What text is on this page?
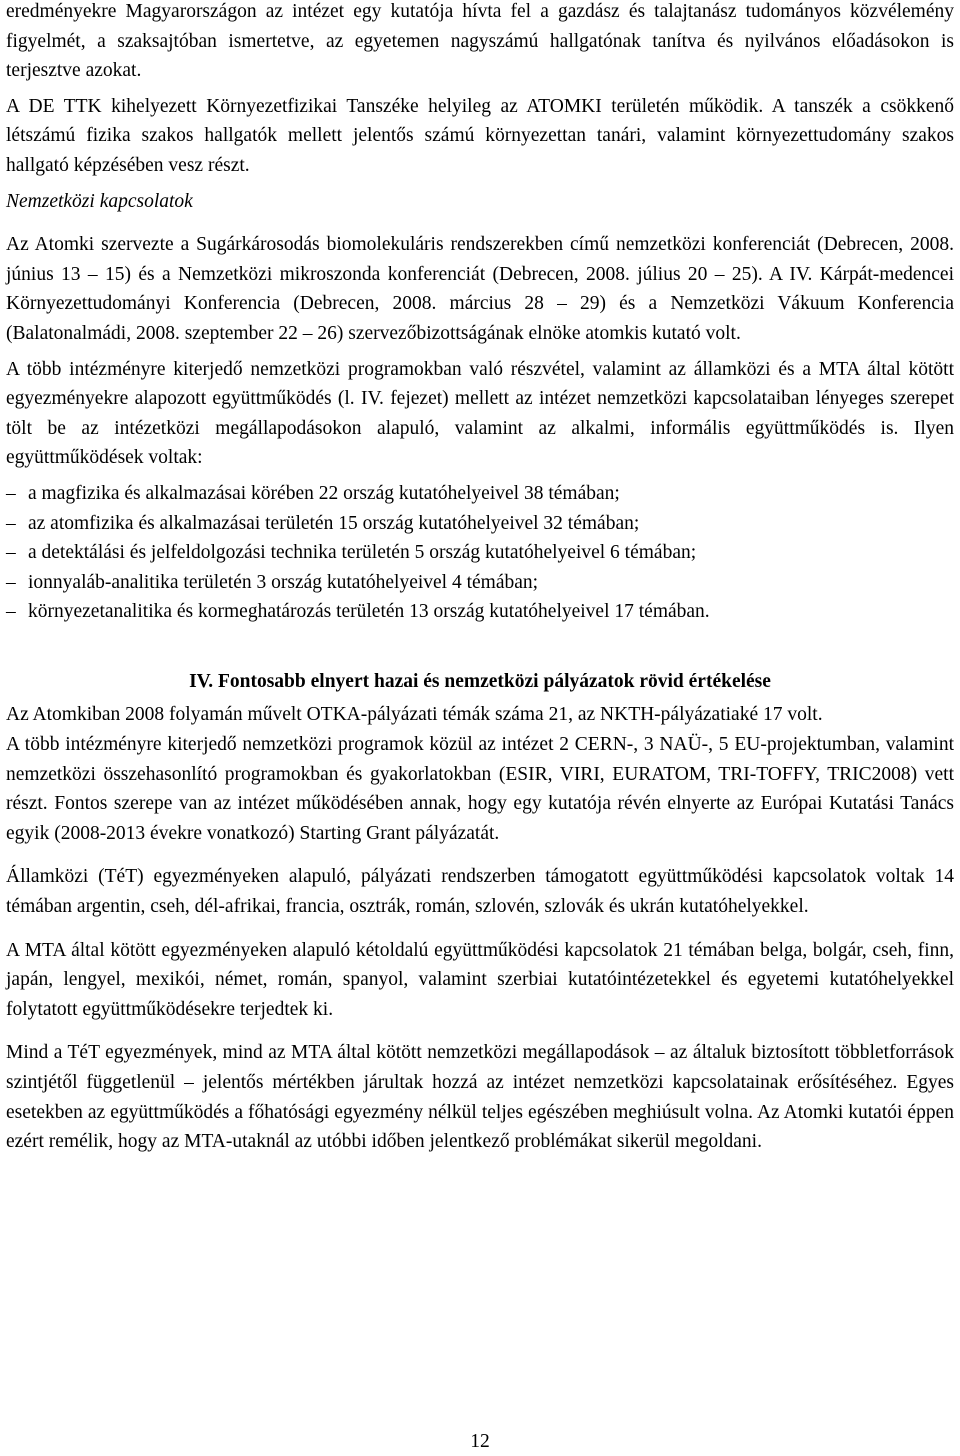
eredményekre Magyarországon az intézet egy kutatója hívta fel a gazdász és talajtanász tudományos közvélemény figyelmét, a szaksajtóban ismertetve, az egyetemen nagyszámú hallgatónak tanítva és nyilvános előadásokon is terjesztve azokat.

A DE TTK kihelyezett Környezetfizikai Tanszéke helyileg az ATOMKI területén működik. A tanszék a csökkenő létszámú fizika szakos hallgatók mellett jelentős számú környezettan tanári, valamint környezettudomány szakos hallgató képzésében vesz részt.

Nemzetközi kapcsolatok

Az Atomki szervezte a Sugárkárosodás biomolekuláris rendszerekben című nemzetközi konferenciát (Debrecen, 2008. június 13 – 15) és a Nemzetközi mikroszonda konferenciát (Debrecen, 2008. július 20 – 25). A IV. Kárpát-medencei Környezettudományi Konferencia (Debrecen, 2008. március 28 – 29) és a Nemzetközi Vákuum Konferencia (Balatonalmádi, 2008. szeptember 22 – 26) szervezőbizottságának elnöke atomkis kutató volt.

A több intézményre kiterjedő nemzetközi programokban való részvétel, valamint az államközi és a MTA által kötött egyezményekre alapozott együttműködés (l. IV. fejezet) mellett az intézet nemzetközi kapcsolataiban lényeges szerepet tölt be az intézetközi megállapodásokon alapuló, valamint az alkalmi, informális együttműködés is. Ilyen együttműködések voltak:

– a magfizika és alkalmazásai körében 22 ország kutatóhelyeivel 38 témában;
– az atomfizika és alkalmazásai területén 15 ország kutatóhelyeivel 32 témában;
– a detektálási és jelfeldolgozási technika területén 5 ország kutatóhelyeivel 6 témában;
– ionnyaláb-analitika területén 3 ország kutatóhelyeivel 4 témában;
– környezetanalitika és kormeghatározás területén 13 ország kutatóhelyeivel 17 témában.
IV. Fontosabb elnyert hazai és nemzetközi pályázatok rövid értékelése

Az Atomkiban 2008 folyamán művelt OTKA-pályázati témák száma 21, az NKTH-pályázatiaké 17 volt.

A több intézményre kiterjedő nemzetközi programok közül az intézet 2 CERN-, 3 NAÜ-, 5 EU-projektumban, valamint nemzetközi összehasonlító programokban és gyakorlatokban (ESIR, VIRI, EURATOM, TRI-TOFFY, TRIC2008) vett részt. Fontos szerepe van az intézet működésében annak, hogy egy kutatója révén elnyerte az Európai Kutatási Tanács egyik (2008-2013 évekre vonatkozó) Starting Grant pályázatát.

Államközi (TéT) egyezményeken alapuló, pályázati rendszerben támogatott együttműködési kapcsolatok voltak 14 témában argentin, cseh, dél-afrikai, francia, osztrák, román, szlovén, szlovák és ukrán kutatóhelyekkel.

A MTA által kötött egyezményeken alapuló kétoldalú együttműködési kapcsolatok 21 témában belga, bolgár, cseh, finn, japán, lengyel, mexikói, német, román, spanyol, valamint szerbiai kutatóintézetekkel és egyetemi kutatóhelyekkel folytatott együttműködésekre terjedtek ki.

Mind a TéT egyezmények, mind az MTA által kötött nemzetközi megállapodások – az általuk biztosított többletforrások szintjétől függetlenül – jelentős mértékben járultak hozzá az intézet nemzetközi kapcsolatainak erősítéséhez. Egyes esetekben az együttműködés a főhatósági egyezmény nélkül teljes egészében meghiúsult volna. Az Atomki kutatói éppen ezért remélik, hogy az MTA-utaknál az utóbbi időben jelentkező problémákat sikerül megoldani.

12
